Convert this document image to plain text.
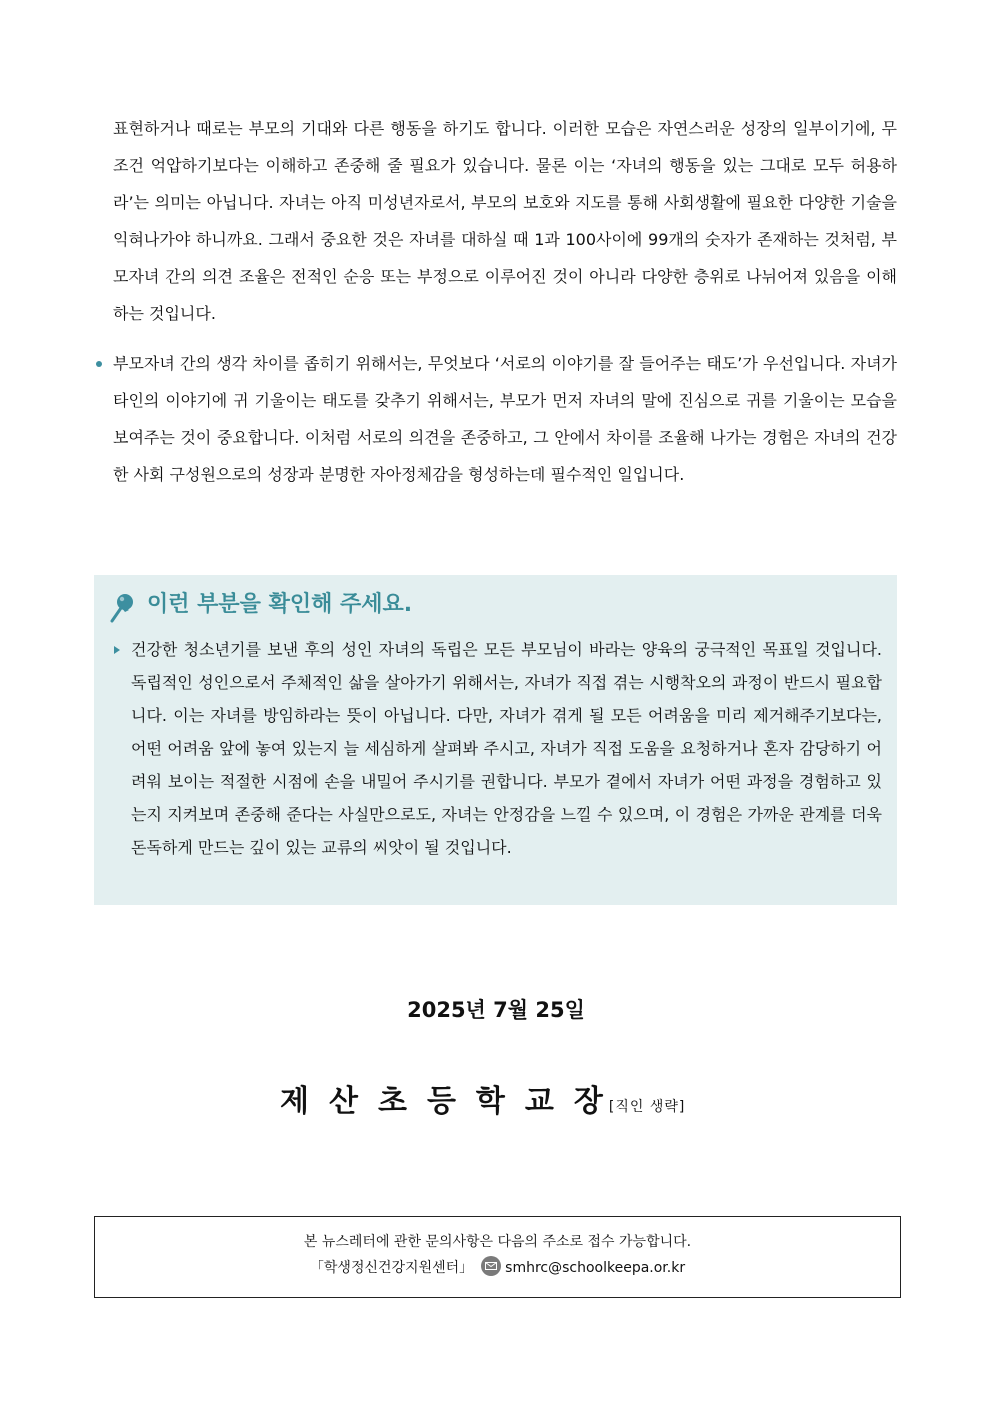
표현하거나 때로는 부모의 기대와 다른 행동을 하기도 합니다. 이러한 모습은 자연스러운 성장의 일부이기에, 무조건 억압하기보다는 이해하고 존중해 줄 필요가 있습니다. 물론 이는 ‘자녀의 행동을 있는 그대로 모두 허용하라’는 의미는 아닙니다. 자녀는 아직 미성년자로서, 부모의 보호와 지도를 통해 사회생활에 필요한 다양한 기술을 익혀나가야 하니까요. 그래서 중요한 것은 자녀를 대하실 때 1과 100사이에 99개의 숫자가 존재하는 것처럼, 부모자녀 간의 의견 조율은 전적인 순응 또는 부정으로 이루어진 것이 아니라 다양한 층위로 나뉘어져 있음을 이해하는 것입니다.

부모자녀 간의 생각 차이를 좁히기 위해서는, 무엇보다 ‘서로의 이야기를 잘 들어주는 태도’가 우선입니다. 자녀가 타인의 이야기에 귀 기울이는 태도를 갖추기 위해서는, 부모가 먼저 자녀의 말에 진심으로 귀를 기울이는 모습을 보여주는 것이 중요합니다. 이처럼 서로의 의견을 존중하고, 그 안에서 차이를 조율해 나가는 경험은 자녀의 건강한 사회 구성원으로의 성장과 분명한 자아정체감을 형성하는데 필수적인 일입니다.

이런 부분을 확인해 주세요.

건강한 청소년기를 보낸 후의 성인 자녀의 독립은 모든 부모님이 바라는 양육의 궁극적인 목표일 것입니다. 독립적인 성인으로서 주체적인 삶을 살아가기 위해서는, 자녀가 직접 겪는 시행착오의 과정이 반드시 필요합니다. 이는 자녀를 방임하라는 뜻이 아닙니다. 다만, 자녀가 겪게 될 모든 어려움을 미리 제거해주기보다는, 어떤 어려움 앞에 놓여 있는지 늘 세심하게 살펴봐 주시고, 자녀가 직접 도움을 요청하거나 혼자 감당하기 어려워 보이는 적절한 시점에 손을 내밀어 주시기를 권합니다. 부모가 곁에서 자녀가 어떤 과정을 경험하고 있는지 지켜보며 존중해 준다는 사실만으로도, 자녀는 안정감을 느낄 수 있으며, 이 경험은 가까운 관계를 더욱 돈독하게 만드는 깊이 있는 교류의 씨앗이 될 것입니다.

2025년 7월 25일
제산초등학교장[직인 생략]
본 뉴스레터에 관한 문의사항은 다음의 주소로 접수 가능합니다.
「학생정신건강지원센터」 smhrc@schoolkeepa.or.kr
